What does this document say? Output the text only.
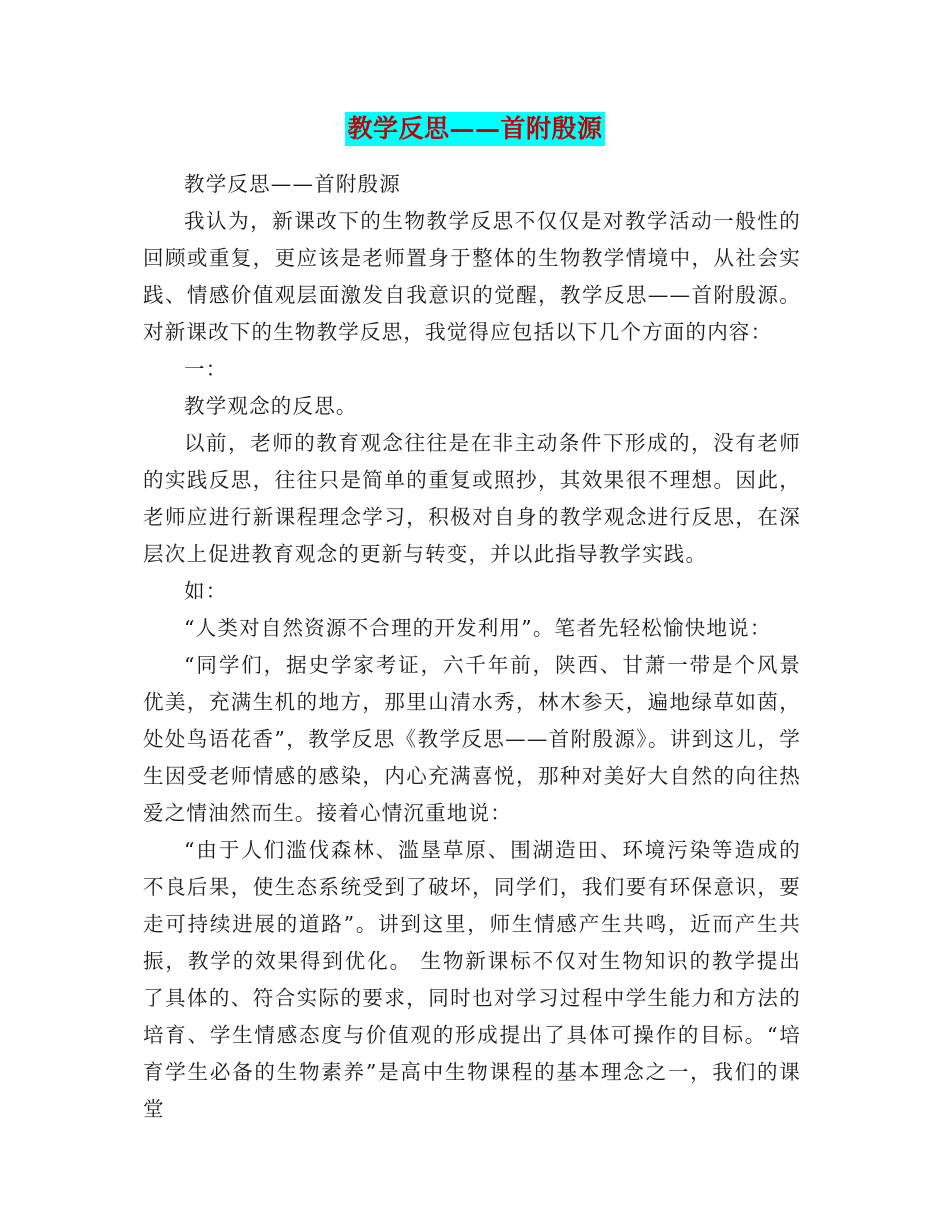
教学反思——首附殷源

教学反思——首附殷源

我认为，新课改下的生物教学反思不仅仅是对教学活动一般性的回顾或重复，更应该是老师置身于整体的生物教学情境中，从社会实践、情感价值观层面激发自我意识的觉醒，教学反思——首附殷源。对新课改下的生物教学反思，我觉得应包括以下几个方面的内容：

一：

教学观念的反思。

以前，老师的教育观念往往是在非主动条件下形成的，没有老师的实践反思，往往只是简单的重复或照抄，其效果很不理想。因此，老师应进行新课程理念学习，积极对自身的教学观念进行反思，在深层次上促进教育观念的更新与转变，并以此指导教学实践。

如：

“人类对自然资源不合理的开发利用”。笔者先轻松愉快地说：

“同学们，据史学家考证，六千年前，陕西、甘萧一带是个风景优美，充满生机的地方，那里山清水秀，林木参天，遍地绿草如茵，处处鸟语花香”，教学反思《教学反思——首附殷源》。讲到这儿，学生因受老师情感的感染，内心充满喜悦，那种对美好大自然的向往热爱之情油然而生。接着心情沉重地说：

“由于人们滥伐森林、滥垦草原、围湖造田、环境污染等造成的不良后果，使生态系统受到了破坏，同学们，我们要有环保意识，要走可持续进展的道路”。讲到这里，师生情感产生共鸣，近而产生共振，教学的效果得到优化。 生物新课标不仅对生物知识的教学提出了具体的、符合实际的要求，同时也对学习过程中学生能力和方法的培育、学生情感态度与价值观的形成提出了具体可操作的目标。“培育学生必备的生物素养”是高中生物课程的基本理念之一，我们的课堂
